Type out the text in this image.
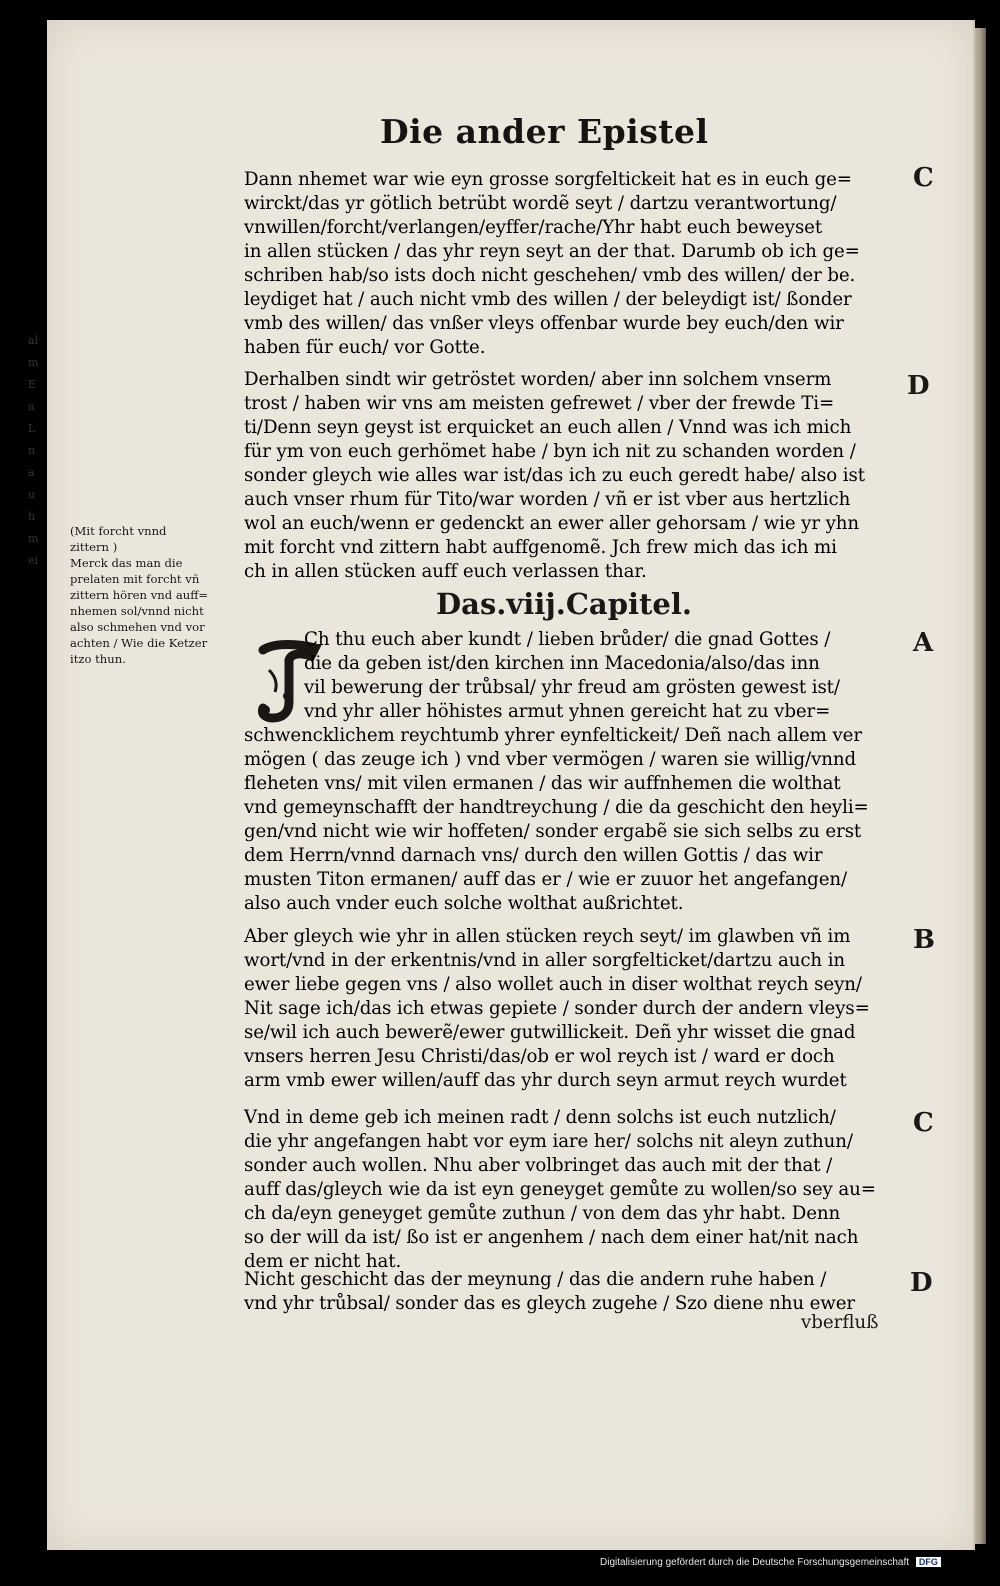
al
m
E
a
L
n
a
u
h
m
ei
Die ander Epistel
C
D
A
B
C
D
Dann nhemet war wie eyn grosse sorgfeltickeit hat es in euch ge=
wirckt/das yr götlich betrübt wordẽ seyt / dartzu verantwortung/
vnwillen/forcht/verlangen/eyffer/rache/Yhr habt euch beweyset
in allen stücken / das yhr reyn seyt an der that. Darumb ob ich ge=
schriben hab/so ists doch nicht geschehen/ vmb des willen/ der be.
leydiget hat / auch nicht vmb des willen / der beleydigt ist/ ßonder
vmb des willen/ das vnßer vleys offenbar wurde bey euch/den wir
haben für euch/ vor Gotte.
Derhalben sindt wir getröstet worden/ aber inn solchem vnserm
trost / haben wir vns am meisten gefrewet / vber der frewde Ti=
ti/Denn seyn geyst ist erquicket an euch allen / Vnnd was ich mich
für ym von euch gerhömet habe / byn ich nit zu schanden worden /
sonder gleych wie alles war ist/das ich zu euch geredt habe/ also ist
auch vnser rhum für Tito/war worden / vñ er ist vber aus hertzlich
wol an euch/wenn er gedenckt an ewer aller gehorsam / wie yr yhn
mit forcht vnd zittern habt auffgenomẽ. Jch frew mich das ich mi
ch in allen stücken auff euch verlassen thar.
(Mit forcht vnnd
zittern )
Merck das man die
prelaten mit forcht vñ
zittern hören vnd auff=
nhemen sol/vnnd nicht
also schmehen vnd vor
achten / Wie die Ketzer
itzo thun.
Das.viij.Capitel.
Ch thu euch aber kundt / lieben brůder/ die gnad Gottes /
die da geben ist/den kirchen inn Macedonia/also/das inn
vil bewerung der trůbsal/ yhr freud am grösten gewest ist/
vnd yhr aller höhistes armut yhnen gereicht hat zu vber=
schwencklichem reychtumb yhrer eynfeltickeit/ Deñ nach allem ver
mögen ( das zeuge ich ) vnd vber vermögen / waren sie willig/vnnd
fleheten vns/ mit vilen ermanen / das wir auffnhemen die wolthat
vnd gemeynschafft der handtreychung / die da geschicht den heyli=
gen/vnd nicht wie wir hoffeten/ sonder ergabẽ sie sich selbs zu erst
dem Herrn/vnnd darnach vns/ durch den willen Gottis / das wir
musten Titon ermanen/ auff das er / wie er zuuor het angefangen/
also auch vnder euch solche wolthat außrichtet.
Aber gleych wie yhr in allen stücken reych seyt/ im glawben vñ im
wort/vnd in der erkentnis/vnd in aller sorgfelticket/dartzu auch in
ewer liebe gegen vns / also wollet auch in diser wolthat reych seyn/
Nit sage ich/das ich etwas gepiete / sonder durch der andern vleys=
se/wil ich auch bewerẽ/ewer gutwillickeit. Deñ yhr wisset die gnad
vnsers herren Jesu Christi/das/ob er wol reych ist / ward er doch
arm vmb ewer willen/auff das yhr durch seyn armut reych wurdet
Vnd in deme geb ich meinen radt / denn solchs ist euch nutzlich/
die yhr angefangen habt vor eym iare her/ solchs nit aleyn zuthun/
sonder auch wollen. Nhu aber volbringet das auch mit der that /
auff das/gleych wie da ist eyn geneyget gemůte zu wollen/so sey au=
ch da/eyn geneyget gemůte zuthun / von dem das yhr habt. Denn
so der will da ist/ ßo ist er angenhem / nach dem einer hat/nit nach
dem er nicht hat.
Nicht geschicht das der meynung / das die andern ruhe haben /
vnd yhr trůbsal/ sonder das es gleych zugehe / Szo diene nhu ewer
vberfluß
Digitalisierung gefördert durch die Deutsche Forschungsgemeinschaft DFG
